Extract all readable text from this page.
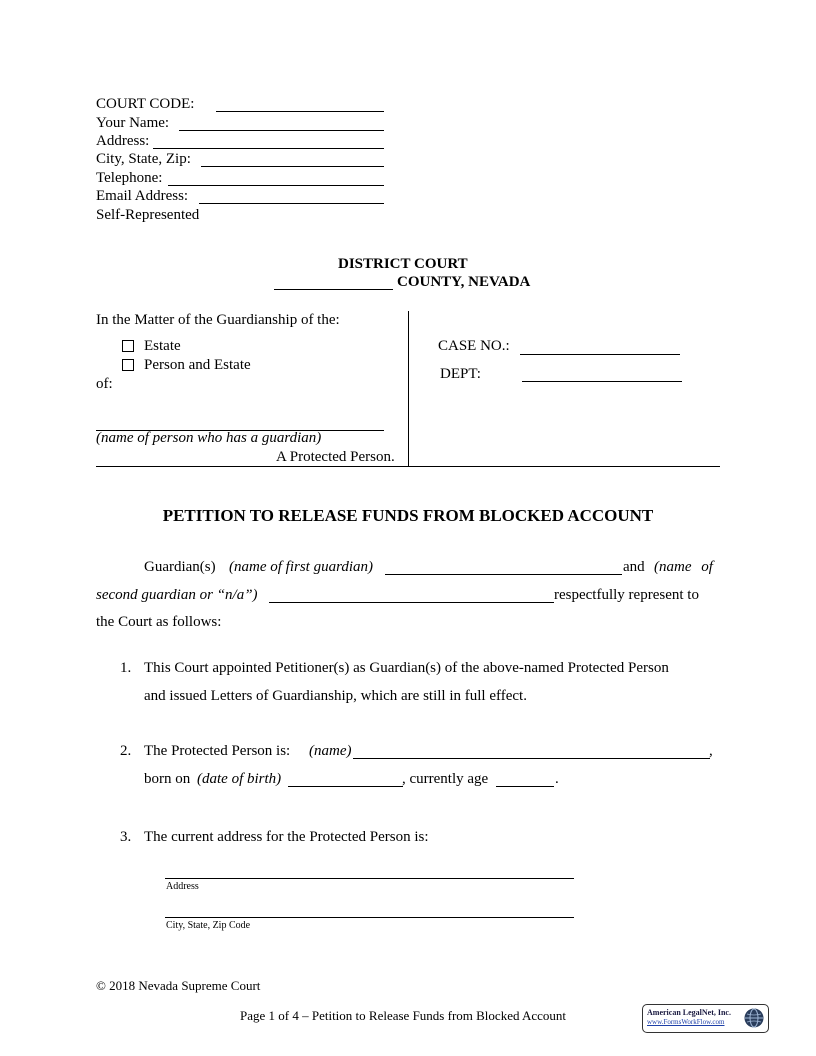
COURT CODE:
Your Name:
Address:
City, State, Zip:
Telephone:
Email Address:
Self-Represented
DISTRICT COURT
COUNTY, NEVADA
In the Matter of the Guardianship of the:
Estate
Person and Estate
of:
(name of person who has a guardian)
A Protected Person.
CASE NO.:
DEPT:
PETITION TO RELEASE FUNDS FROM BLOCKED ACCOUNT
Guardian(s) (name of first guardian)	and (name of
second guardian or “n/a”)	respectfully represent to
the Court as follows:
1. This Court appointed Petitioner(s) as Guardian(s) of the above-named Protected Person
and issued Letters of Guardianship, which are still in full effect.
2. The Protected Person is: (name)	,
born on (date of birth)	, currently age	.
3. The current address for the Protected Person is:
Address
City, State, Zip Code
© 2018 Nevada Supreme Court
Page 1 of 4 – Petition to Release Funds from Blocked Account	American LegalNet, Inc.
www.FormsWorkFlow.com
